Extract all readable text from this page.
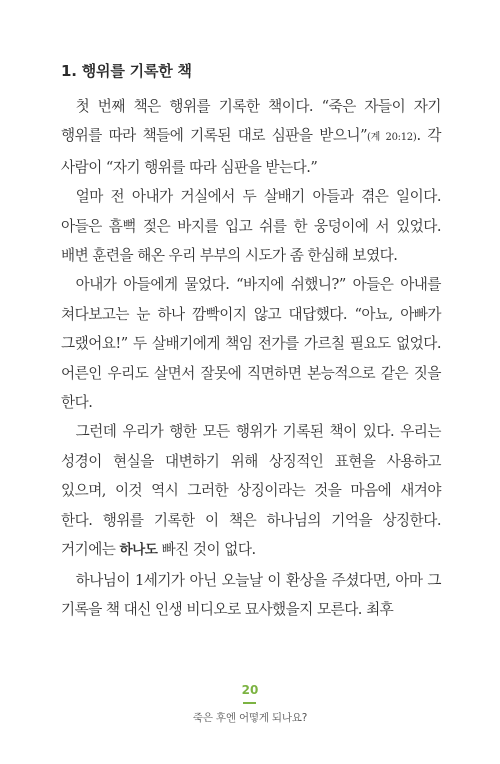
1. 행위를 기록한 책

첫 번째 책은 행위를 기록한 책이다. “죽은 자들이 자기 행위를 따라 책들에 기록된 대로 심판을 받으니”(계 20:12). 각 사람이 “자기 행위를 따라 심판을 받는다.”

얼마 전 아내가 거실에서 두 살배기 아들과 겪은 일이다. 아들은 흠뻑 젖은 바지를 입고 쉬를 한 웅덩이에 서 있었다. 배변 훈련을 해온 우리 부부의 시도가 좀 한심해 보였다.

아내가 아들에게 물었다. “바지에 쉬했니?” 아들은 아내를 쳐다보고는 눈 하나 깜빡이지 않고 대답했다. “아뇨, 아빠가 그랬어요!” 두 살배기에게 책임 전가를 가르칠 필요도 없었다. 어른인 우리도 살면서 잘못에 직면하면 본능적으로 같은 짓을 한다.

그런데 우리가 행한 모든 행위가 기록된 책이 있다. 우리는 성경이 현실을 대변하기 위해 상징적인 표현을 사용하고 있으며, 이것 역시 그러한 상징이라는 것을 마음에 새겨야 한다. 행위를 기록한 이 책은 하나님의 기억을 상징한다. 거기에는 하나도 빠진 것이 없다.

하나님이 1세기가 아닌 오늘날 이 환상을 주셨다면, 아마 그 기록을 책 대신 인생 비디오로 묘사했을지 모른다. 최후

20
죽은 후엔 어떻게 되나요?
